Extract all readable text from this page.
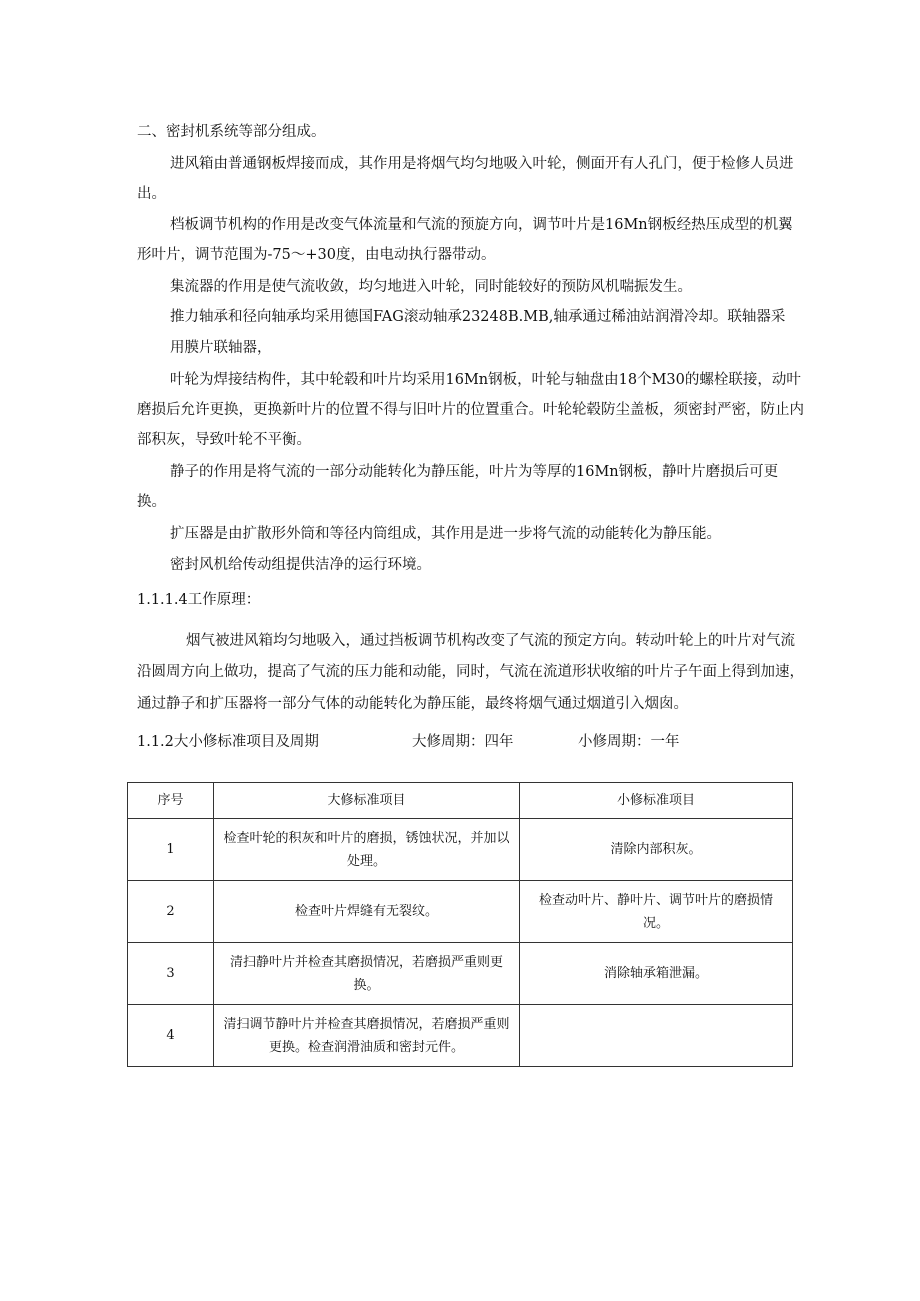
二、密封机系统等部分组成。

进风箱由普通钢板焊接而成，其作用是将烟气均匀地吸入叶轮，侧面开有人孔门，便于检修人员进

出。

档板调节机构的作用是改变气体流量和气流的预旋方向，调节叶片是16Mn钢板经热压成型的机翼

形叶片，调节范围为-75～+30度，由电动执行器带动。

集流器的作用是使气流收敛，均匀地进入叶轮，同时能较好的预防风机喘振发生。

推力轴承和径向轴承均采用德国FAG滚动轴承23248B.MB,轴承通过稀油站润滑冷却。联轴器采

用膜片联轴器，

叶轮为焊接结构件，其中轮毂和叶片均采用16Mn钢板，叶轮与轴盘由18个M30的螺栓联接，动叶

磨损后允许更换，更换新叶片的位置不得与旧叶片的位置重合。叶轮轮毂防尘盖板，须密封严密，防止内

部积灰，导致叶轮不平衡。

静子的作用是将气流的一部分动能转化为静压能，叶片为等厚的16Mn钢板，静叶片磨损后可更

换。

扩压器是由扩散形外筒和等径内筒组成，其作用是进一步将气流的动能转化为静压能。

密封风机给传动组提供洁净的运行环境。

1.1.1.4工作原理：

烟气被进风箱均匀地吸入，通过挡板调节机构改变了气流的预定方向。转动叶轮上的叶片对气流

沿圆周方向上做功，提高了气流的压力能和动能，同时，气流在流道形状收缩的叶片子午面上得到加速，

通过静子和扩压器将一部分气体的动能转化为静压能，最终将烟气通过烟道引入烟囱。

1.1.2大小修标准项目及周期	大修周期：四年	小修周期：一年
序号	大修标准项目	小修标准项目
1	检查叶轮的积灰和叶片的磨损，锈蚀状况，并加以处理。	清除内部积灰。
2	检查叶片焊缝有无裂纹。	检查动叶片、静叶片、调节叶片的磨损情况。
3	清扫静叶片并检查其磨损情况，若磨损严重则更换。	消除轴承箱泄漏。
4	清扫调节静叶片并检查其磨损情况，若磨损严重则更换。检查润滑油质和密封元件。	
